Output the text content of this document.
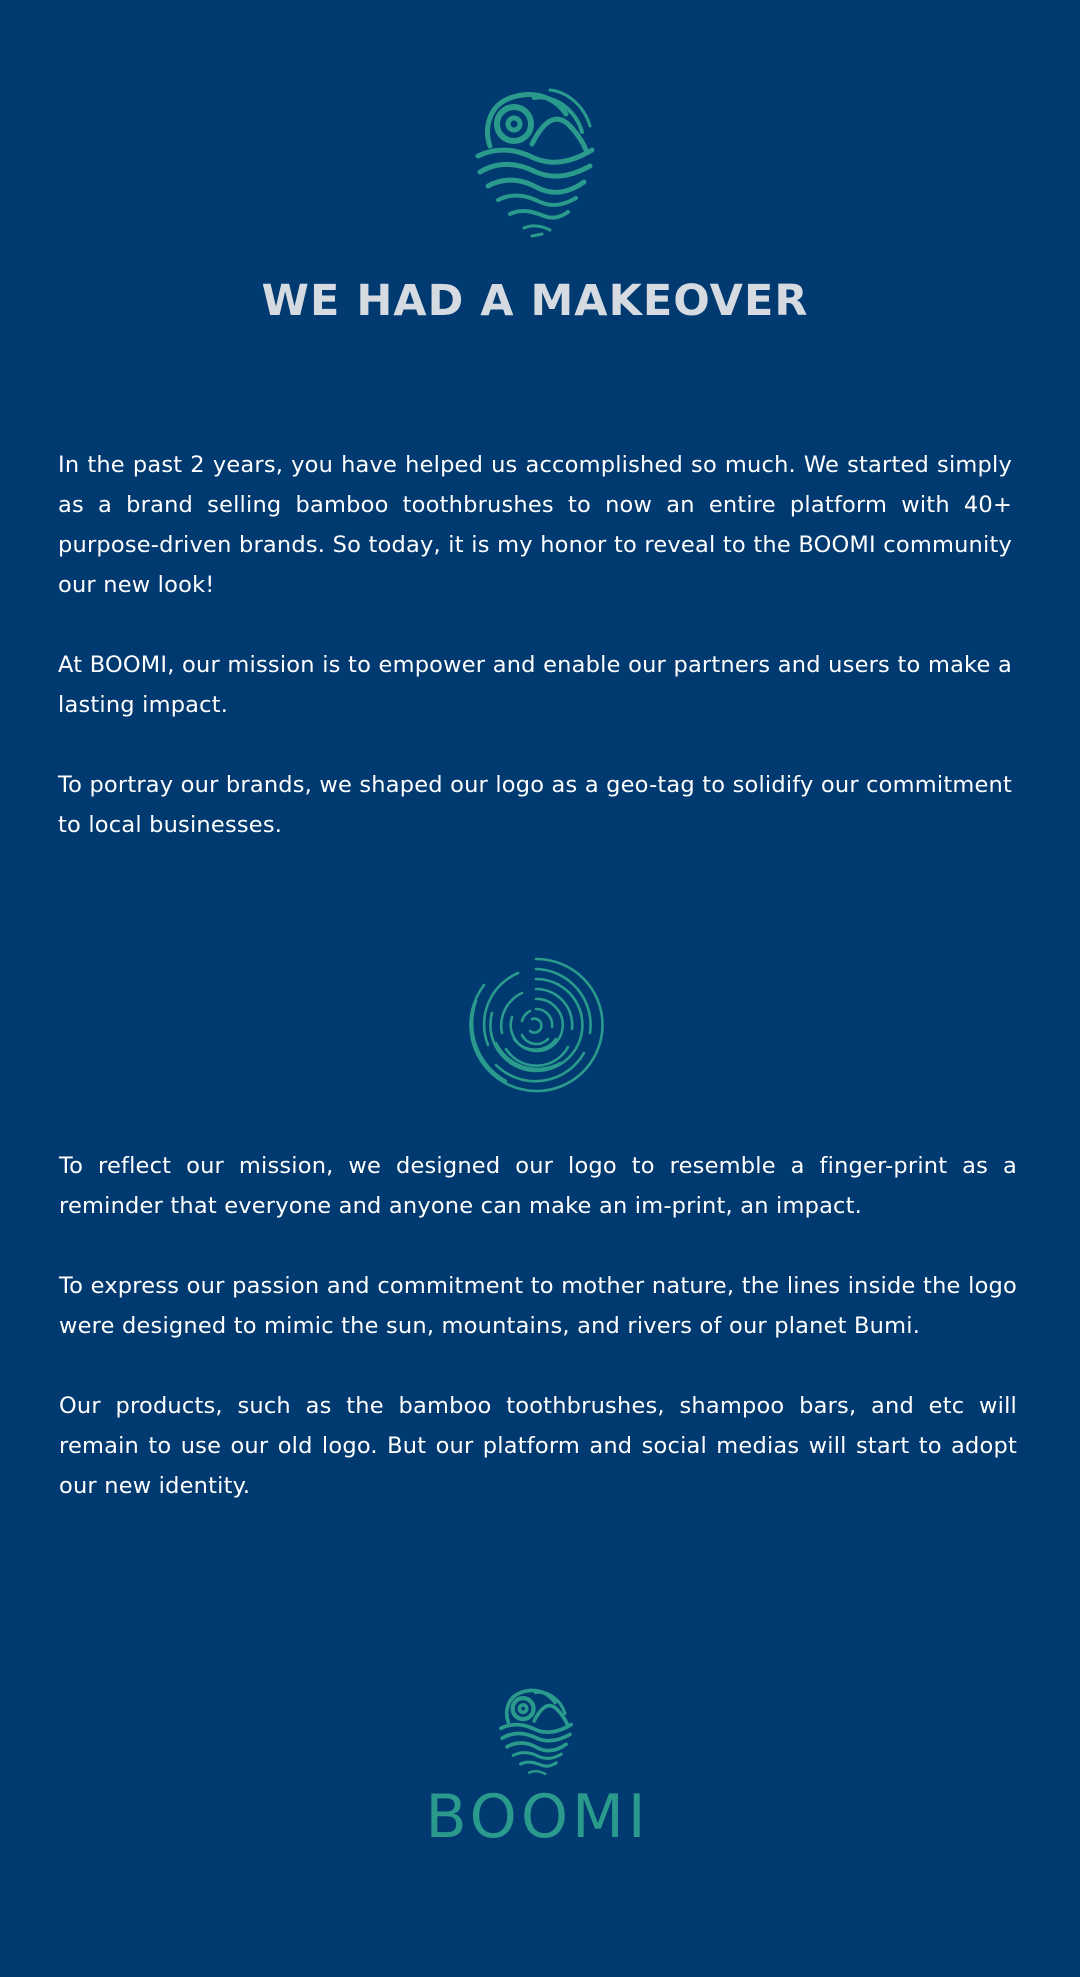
WE HAD A MAKEOVER

In the past 2 years, you have helped us accomplished so much. We started simply as a brand selling bamboo toothbrushes to now an entire platform with 40+ purpose-driven brands. So today, it is my honor to reveal to the BOOMI community our new look!

At BOOMI, our mission is to empower and enable our partners and users to make a lasting impact.

To portray our brands, we shaped our logo as a geo-tag to solidify our commitment to local businesses.

To reflect our mission, we designed our logo to resemble a finger-print as a reminder that everyone and anyone can make an im-print, an impact.

To express our passion and commitment to mother nature, the lines inside the logo were designed to mimic the sun, mountains, and rivers of our planet Bumi.

Our products, such as the bamboo toothbrushes, shampoo bars, and etc will remain to use our old logo. But our platform and social medias will start to adopt our new identity.

BOOMI
